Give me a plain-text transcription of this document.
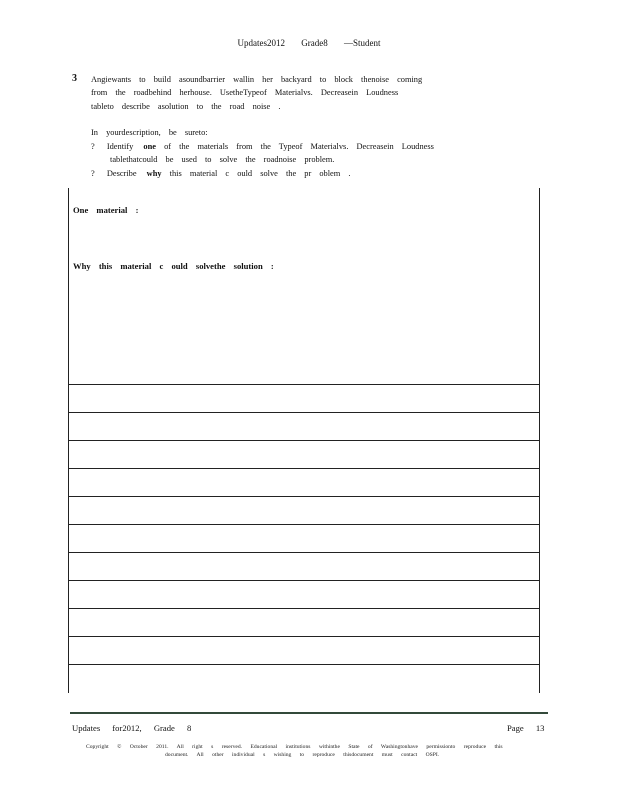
Updates2012 Grade8 —Student
3 Angiewants to build asoundbarrier wallin her backyard to block thenoise coming
from the roadbehind herhouse. UsetheTypeof Materialvs. Decreasein Loudness
tableto describe asolution to the road noise .
In yourdescription, be sureto:
? Identify one of the materials from the Typeof Materialvs. Decreasein Loudness
tablethatcould be used to solve the roadnoise problem.
? Describe why this material c ould solve the pr oblem .
One material :
Why this material c ould solvethe solution :
Updates for2012, Grade 8	Page 13
Copyright © October 2011. All right s reserved. Educational institutions withinthe State of Washingtonhave permissionto reproduce this
document. All other individual s wishing to reproduce thisdocument must contact OSPI.
